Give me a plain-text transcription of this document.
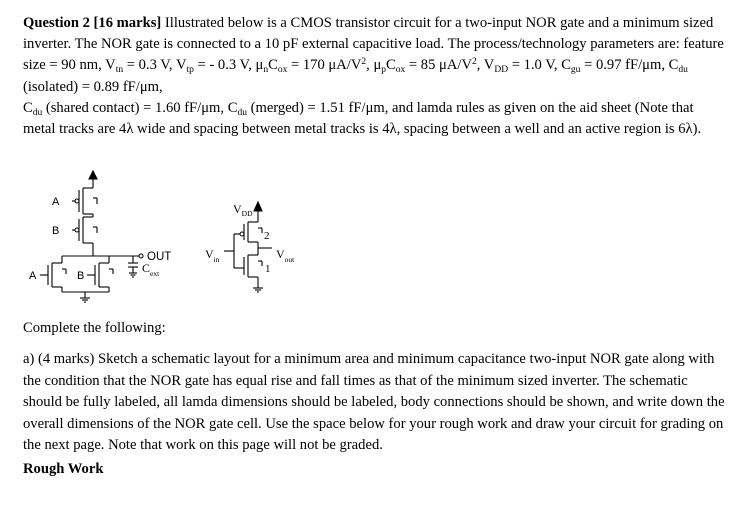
Question 2 [16 marks] Illustrated below is a CMOS transistor circuit for a two-input NOR gate and a minimum sized inverter. The NOR gate is connected to a 10 pF external capacitive load. The process/technology parameters are: feature size = 90 nm, $V_{tn} = 0.3$ V, $V_{tp}$ = - 0.3 V, $\mu_nC_{ox} = 170$ $\mu A/V^2$, $\mu_pC_{ox} = 85$ $\mu A/V^2$, $V_{DD} = 1.0$ V, $C_{gu} = 0.97$ fF/μm, $C_{du}$ (isolated) = 0.89 fF/μm,
$C_{du}$ (shared contact) = 1.60 fF/μm, $C_{du}$ (merged) = 1.51 fF/μm, and lamda rules as given on the aid sheet (Note that metal tracks are 4λ wide and spacing between metal tracks is 4λ, spacing between a well and an active region is 6λ).
A
B
OUT
$C_{ext}$
A	B
$V_{DD}$
$V_{in}$	$V_{out}$
2
1
Complete the following:
a) (4 marks) Sketch a schematic layout for a minimum area and minimum capacitance two-input NOR gate along with the condition that the NOR gate has equal rise and fall times as that of the minimum sized inverter. The schematic should be fully labeled, all lamda dimensions should be labeled, body connections should be shown, and write down the overall dimensions of the NOR gate cell. Use the space below for your rough work and draw your circuit for grading on the next page. Note that work on this page will not be graded.
Rough Work
